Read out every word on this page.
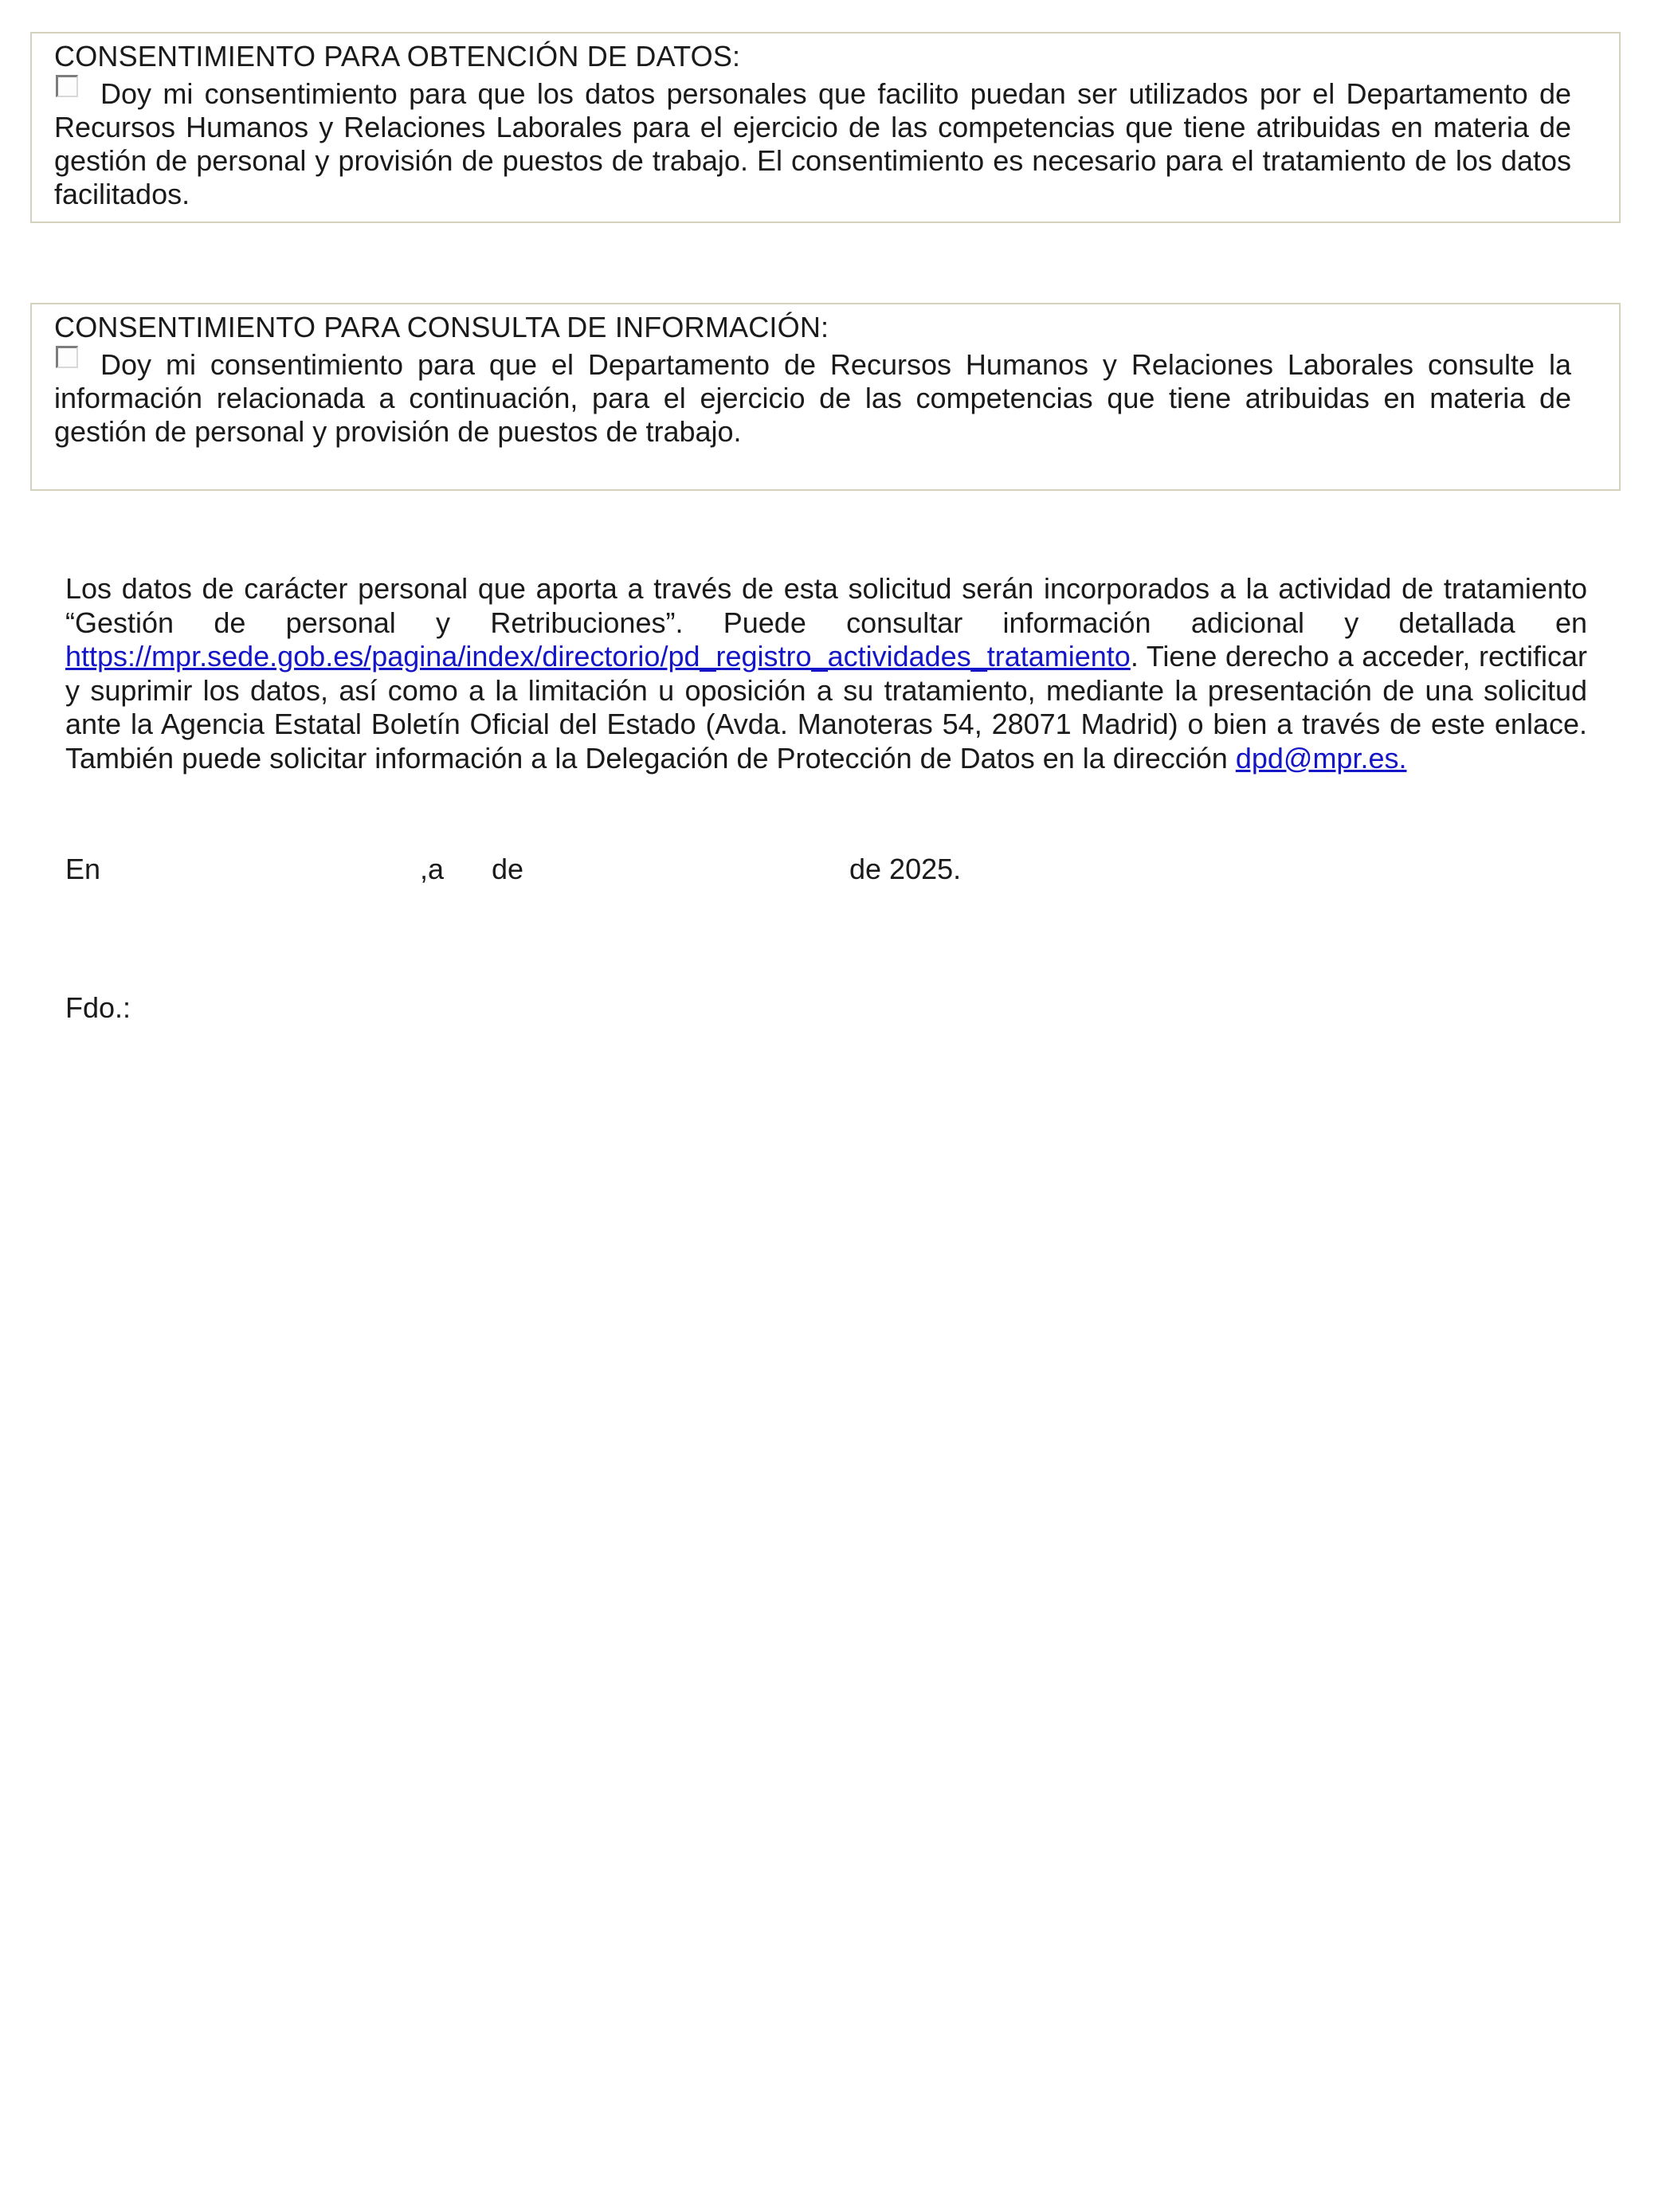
CONSENTIMIENTO PARA OBTENCIÓN DE DATOS:

Doy mi consentimiento para que los datos personales que facilito puedan ser utilizados por el Departamento de Recursos Humanos y Relaciones Laborales para el ejercicio de las competencias que tiene atribuidas en materia de gestión de personal y provisión de puestos de trabajo. El consentimiento es necesario para el tratamiento de los datos facilitados.

CONSENTIMIENTO PARA CONSULTA DE INFORMACIÓN:

Doy mi consentimiento para que el Departamento de Recursos Humanos y Relaciones Laborales consulte la información relacionada a continuación, para el ejercicio de las competencias que tiene atribuidas en materia de gestión de personal y provisión de puestos de trabajo.

Los datos de carácter personal que aporta a través de esta solicitud serán incorporados a la actividad de tratamiento “Gestión de personal y Retribuciones”. Puede consultar información adicional y detallada en https://mpr.sede.gob.es/pagina/index/directorio/pd_registro_actividades_tratamiento. Tiene derecho a acceder, rectificar y suprimir los datos, así como a la limitación u oposición a su tratamiento, mediante la presentación de una solicitud ante la Agencia Estatal Boletín Oficial del Estado (Avda. Manoteras 54, 28071 Madrid) o bien a través de este enlace. También puede solicitar información a la Delegación de Protección de Datos en la dirección dpd@mpr.es.

En	,a de	de 2025.

Fdo.:
